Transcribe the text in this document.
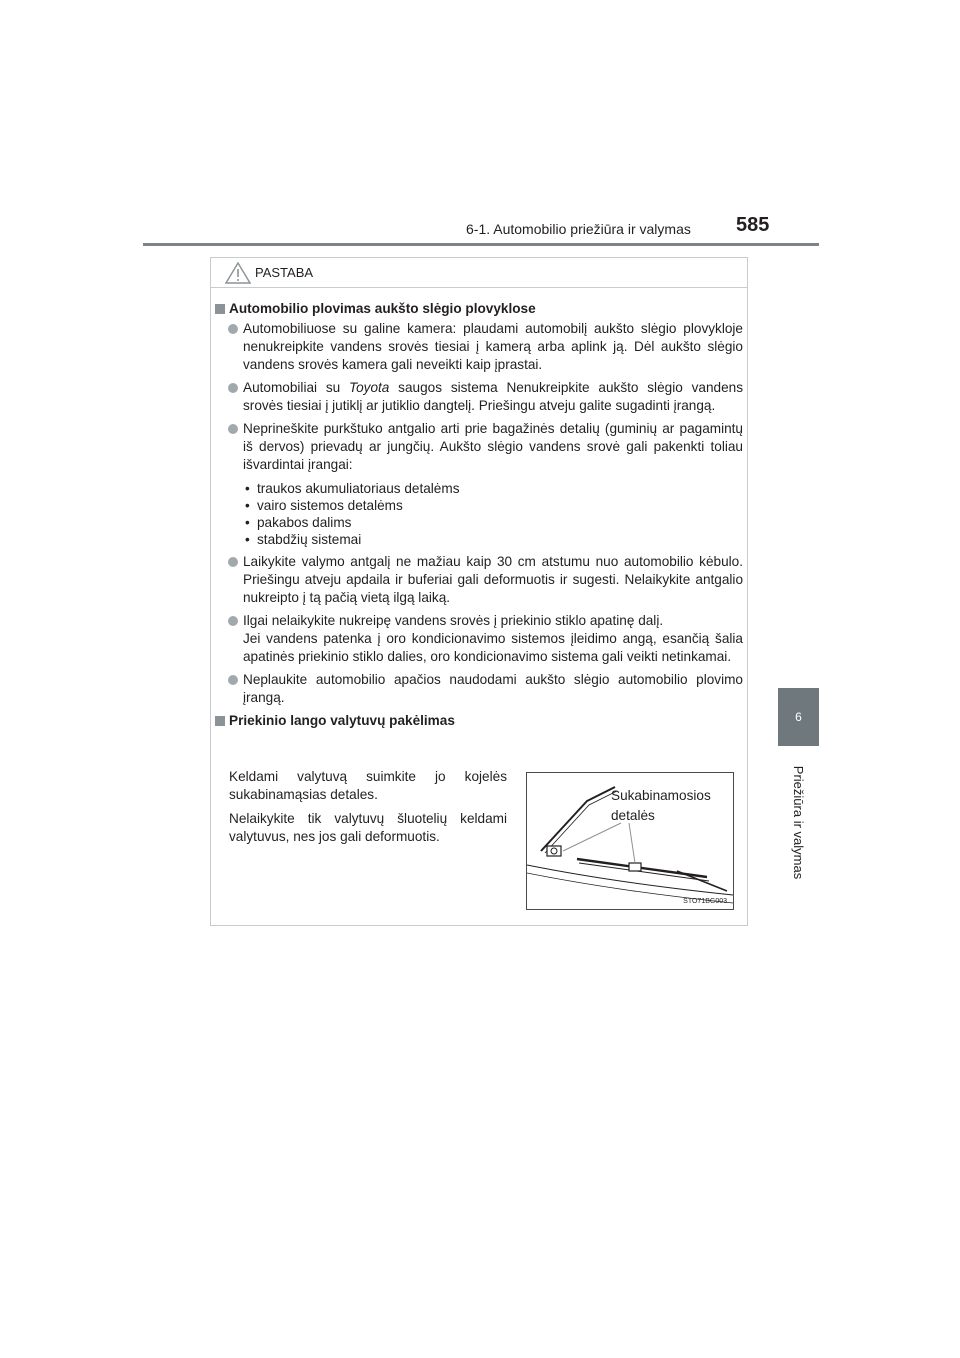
6-1. Automobilio priežiūra ir valymas 585
6
Priežiūra ir valymas
PASTABA
Automobilio plovimas aukšto slėgio plovyklose
Automobiliuose su galine kamera: plaudami automobilį aukšto slėgio plovykloje nenukreipkite vandens srovės tiesiai į kamerą arba aplink ją. Dėl aukšto slėgio vandens srovės kamera gali neveikti kaip įprastai.
Automobiliai su Toyota saugos sistema Nenukreipkite aukšto slėgio vandens srovės tiesiai į jutiklį ar jutiklio dangtelį. Priešingu atveju galite sugadinti įrangą.
Neprineškite purkštuko antgalio arti prie bagažinės detalių (guminių ar pagamintų iš dervos) prievadų ar jungčių. Aukšto slėgio vandens srovė gali pakenkti toliau išvardintai įrangai:
• traukos akumuliatoriaus detalėms
• vairo sistemos detalėms
• pakabos dalims
• stabdžių sistemai
Laikykite valymo antgalį ne mažiau kaip 30 cm atstumu nuo automobilio kėbulo. Priešingu atveju apdaila ir buferiai gali deformuotis ir sugesti. Nelaikykite antgalio nukreipto į tą pačią vietą ilgą laiką.
Ilgai nelaikykite nukreipę vandens srovės į priekinio stiklo apatinę dalį.
Jei vandens patenka į oro kondicionavimo sistemos įleidimo angą, esančią šalia apatinės priekinio stiklo dalies, oro kondicionavimo sistema gali veikti netinkamai.
Neplaukite automobilio apačios naudodami aukšto slėgio automobilio plovimo įrangą.
Priekinio lango valytuvų pakėlimas

Keldami valytuvą suimkite jo kojelės sukabinamąsias detales.

Nelaikykite tik valytuvų šluotelių keldami valytuvus, nes jos gali deformuotis.

Sukabinamosios
detalės
STO71BG003
